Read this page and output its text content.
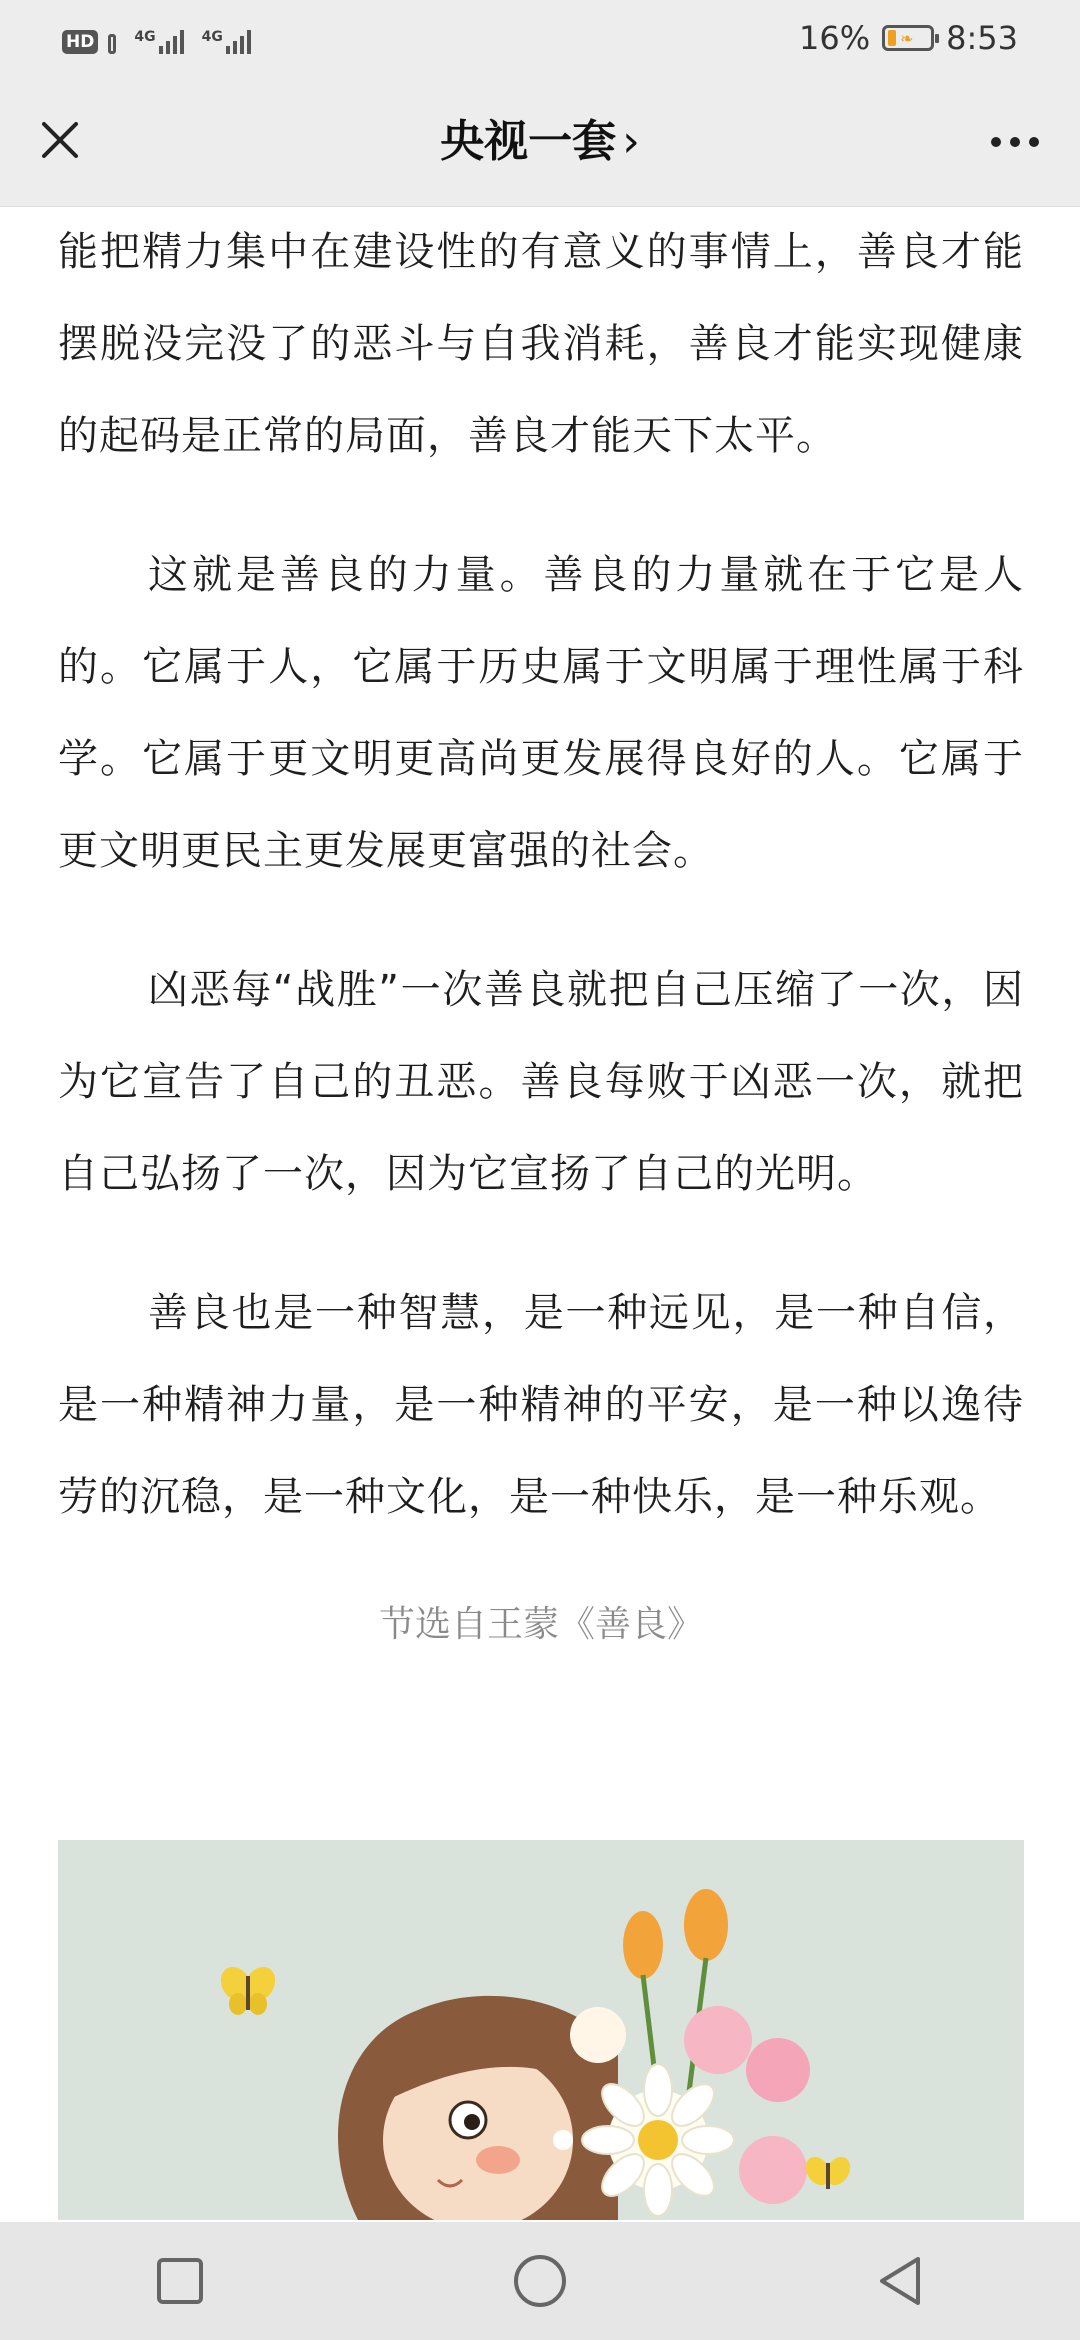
HD	4G	4G	16% ❧ 8:53
央视一套 ›

能把精力集中在建设性的有意义的事情上，善良才能摆脱没完没了的恶斗与自我消耗，善良才能实现健康的起码是正常的局面，善良才能天下太平。

这就是善良的力量。善良的力量就在于它是人的。它属于人，它属于历史属于文明属于理性属于科学。它属于更文明更高尚更发展得良好的人。它属于更文明更民主更发展更富强的社会。

凶恶每“战胜”一次善良就把自己压缩了一次，因为它宣告了自己的丑恶。善良每败于凶恶一次，就把自己弘扬了一次，因为它宣扬了自己的光明。

善良也是一种智慧，是一种远见，是一种自信，是一种精神力量，是一种精神的平安，是一种以逸待劳的沉稳，是一种文化，是一种快乐，是一种乐观。

节选自王蒙《善良》
